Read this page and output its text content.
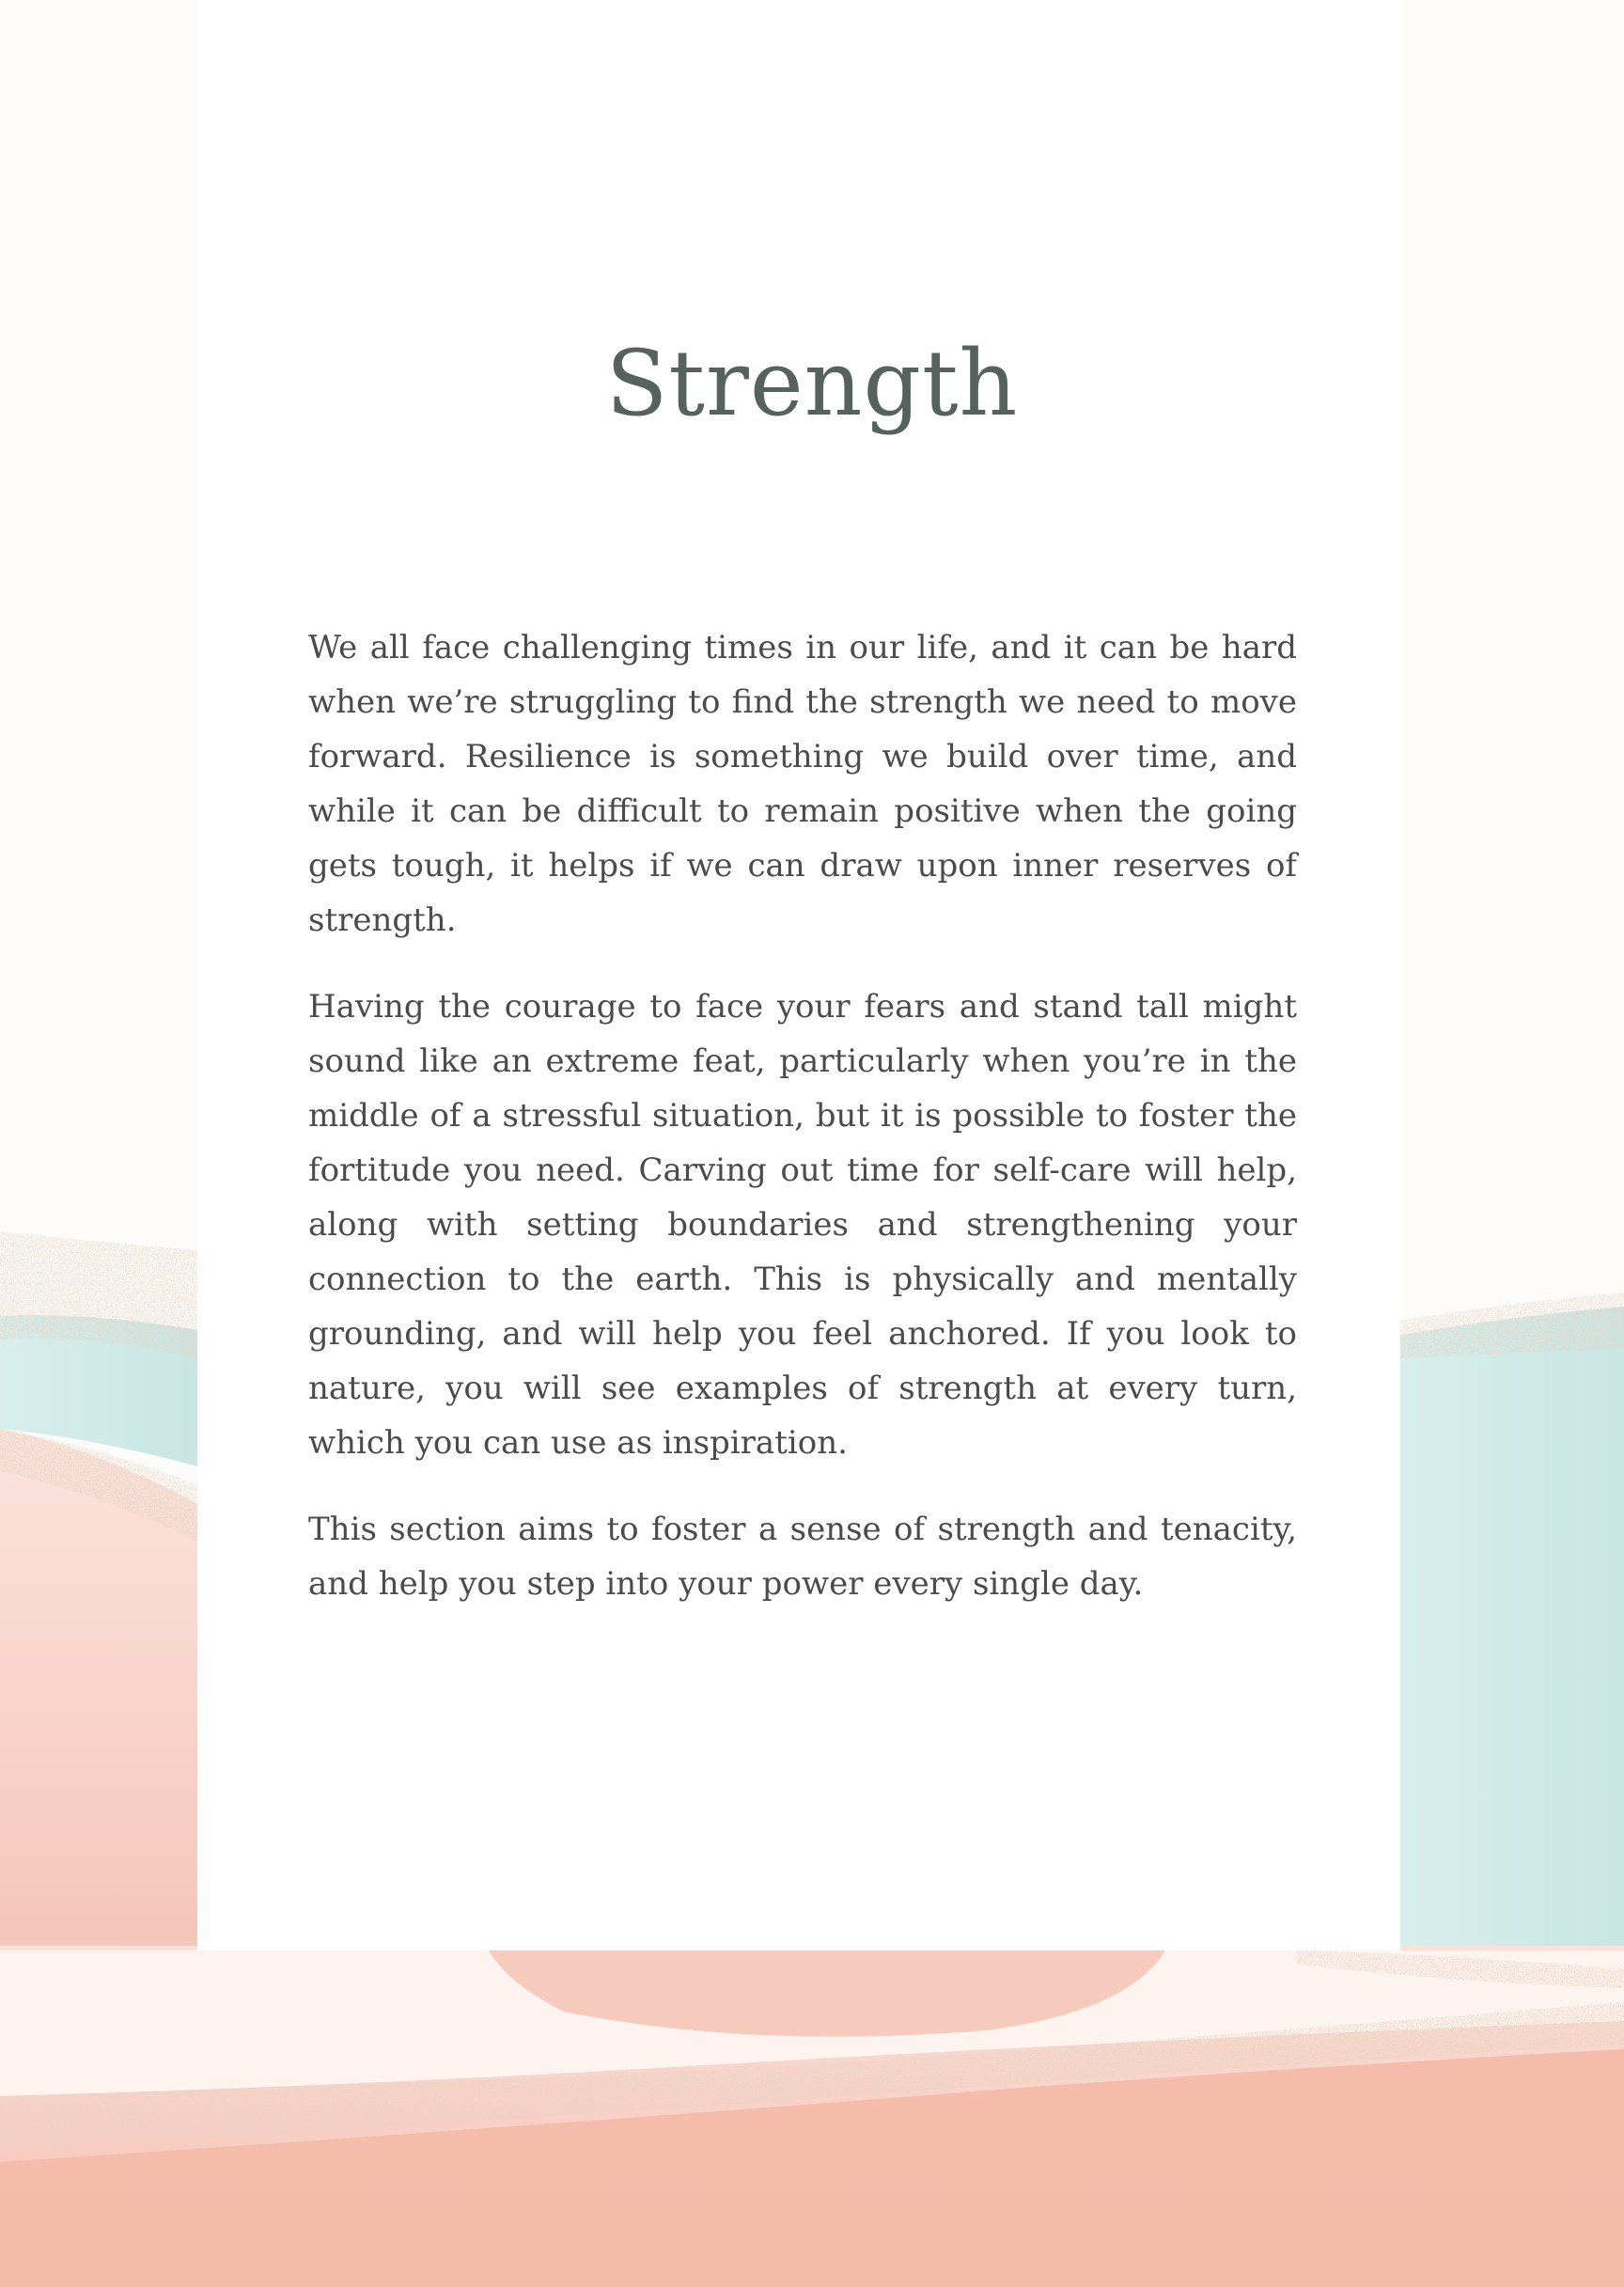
Strength

We all face challenging times in our life, and it can be hard when we’re struggling to find the strength we need to move forward. Resilience is something we build over time, and while it can be difficult to remain positive when the going gets tough, it helps if we can draw upon inner reserves of strength.

Having the courage to face your fears and stand tall might sound like an extreme feat, particularly when you’re in the middle of a stressful situation, but it is possible to foster the fortitude you need. Carving out time for self-care will help, along with setting boundaries and strengthening your connection to the earth. This is physically and mentally grounding, and will help you feel anchored. If you look to nature, you will see examples of strength at every turn, which you can use as inspiration.

This section aims to foster a sense of strength and tenacity, and help you step into your power every single day.
